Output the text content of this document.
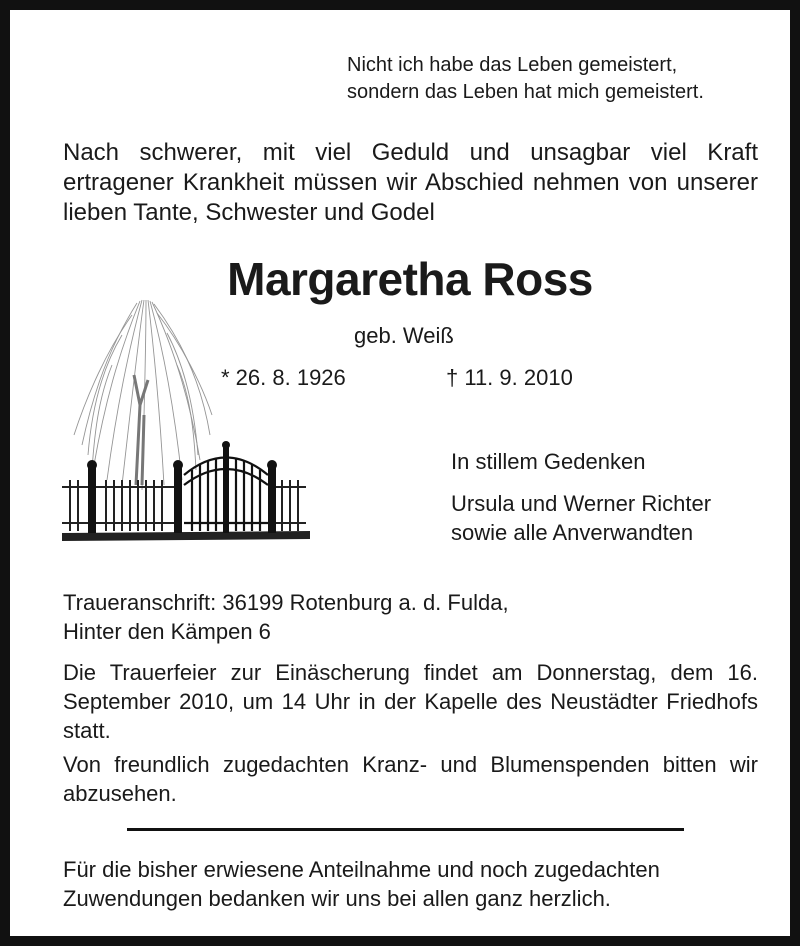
Nicht ich habe das Leben gemeistert,
sondern das Leben hat mich gemeistert.
Nach schwerer, mit viel Geduld und unsagbar viel Kraft ertragener Krankheit müssen wir Abschied nehmen von unserer lieben Tante, Schwester und Godel
Margaretha Ross
geb. Weiß
* 26. 8. 1926	† 11. 9. 2010
In stillem Gedenken
Ursula und Werner Richter
sowie alle Anverwandten
Traueranschrift: 36199 Rotenburg a. d. Fulda,
Hinter den Kämpen 6
Die Trauerfeier zur Einäscherung findet am Donnerstag, dem 16. September 2010, um 14 Uhr in der Kapelle des Neustädter Friedhofs statt.
Von freundlich zugedachten Kranz- und Blumenspenden bitten wir abzusehen.
Für die bisher erwiesene Anteilnahme und noch zugedachten
Zuwendungen bedanken wir uns bei allen ganz herzlich.
